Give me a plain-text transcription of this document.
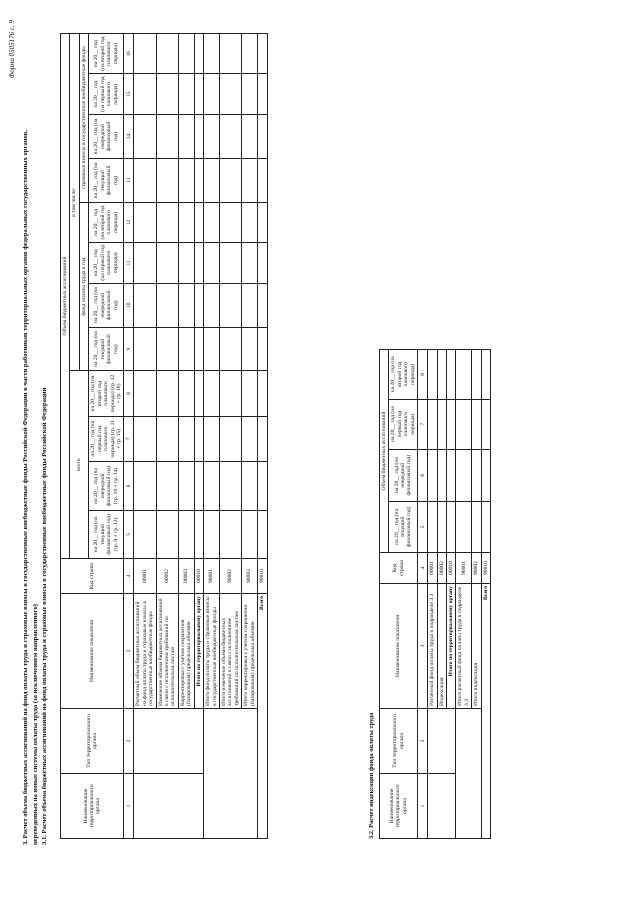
Форма 0505176 с. 9
3. Расчет объема бюджетных ассигнований на фонд оплаты труда и страховые взносы в государственные внебюджетные фонды Российской Федерации в части работников территориальных органов федеральных государственных органов, переведенных на новые системы оплаты труда (за исключением направленного) 3.1. Расчет объема бюджетных ассигнований на фонд оплаты труда и страховые взносы в государственные внебюджетные фонды Российской Федерации	Наименование территориального органа	Тип территориального органа	Наименование показателя	Код строки	Объем бюджетных ассигнований											
				всего				в том числе:							
								фонд оплаты труда в год				страховые взносы в государственные внебюджетные фонды			
				на 20__ год (на текущий финансовый год) (гр. 9 + гр. 13)	на 20__ год (на очередной финансовый год) (гр. 10 + гр. 14)	на 20__ год (на первый год планового периода) (гр. 11 + гр. 15)	на 20__ год (на второй год планового периода) (гр. 12 + гр. 16)	на 20__ год (на текущий финансовый год)	на 20__ год (на очередной финансовый год)	на 20__ год (на первый год планового периода)	на 20__ год (на второй год планового периода)	на 20__ год (на текущий финансовый год)	на 20__ год (на очередной финансовый год)	на 20__ год (на первый год планового периода)	на 20__ год (на второй год планового периода)
1	2	3	4	5	6	7	8	9	10	11	12	13	14	15	16
		Расчетный объем бюджетных ассигнований на фонд оплаты труда и страховые взносы в государственные внебюджетные фонды	00001												
		Изменение объема бюджетных ассигнований в связи с исполнением требований по исполнительным листам	00002												
		Корректировка с учетом сохранения (базирования) предельных объемов	00003												
		Итого по территориальному органу	00010												
		Итого фонд оплаты труда и страховые взносы в государственные внебюджетные фонды	90001												
		Итого изменение объема бюджетных ассигнований в связи с исполнением требований по исполнительным листам	90002												
		Итого корректировка с учетом сохранения (базирования) предельных объемов	90003												
Всего			90010												
3.2. Расчет индексации фонда оплаты труда Наименование территориального органа	Тип территориального органа	Наименование показателя	Код строки	Объем бюджетных ассигнований			
				на 20__ год (на текущий финансовый год)	на 20__ год (на очередной финансовый год)	на 20__ год (на первый год планового периода)	на 20__ год (на второй год планового периода)
1	2	3	4	5	6	7	8
		Расчетный фонд оплаты труда в подразделе 3.3	00001				
		Индексация	00002				
		Итого по территориальному органу	00010				
		Итого расчетный фонд оплаты труда в подразделе 3.3	90001				
		Итого индексация	90002				
Всего			90010				
